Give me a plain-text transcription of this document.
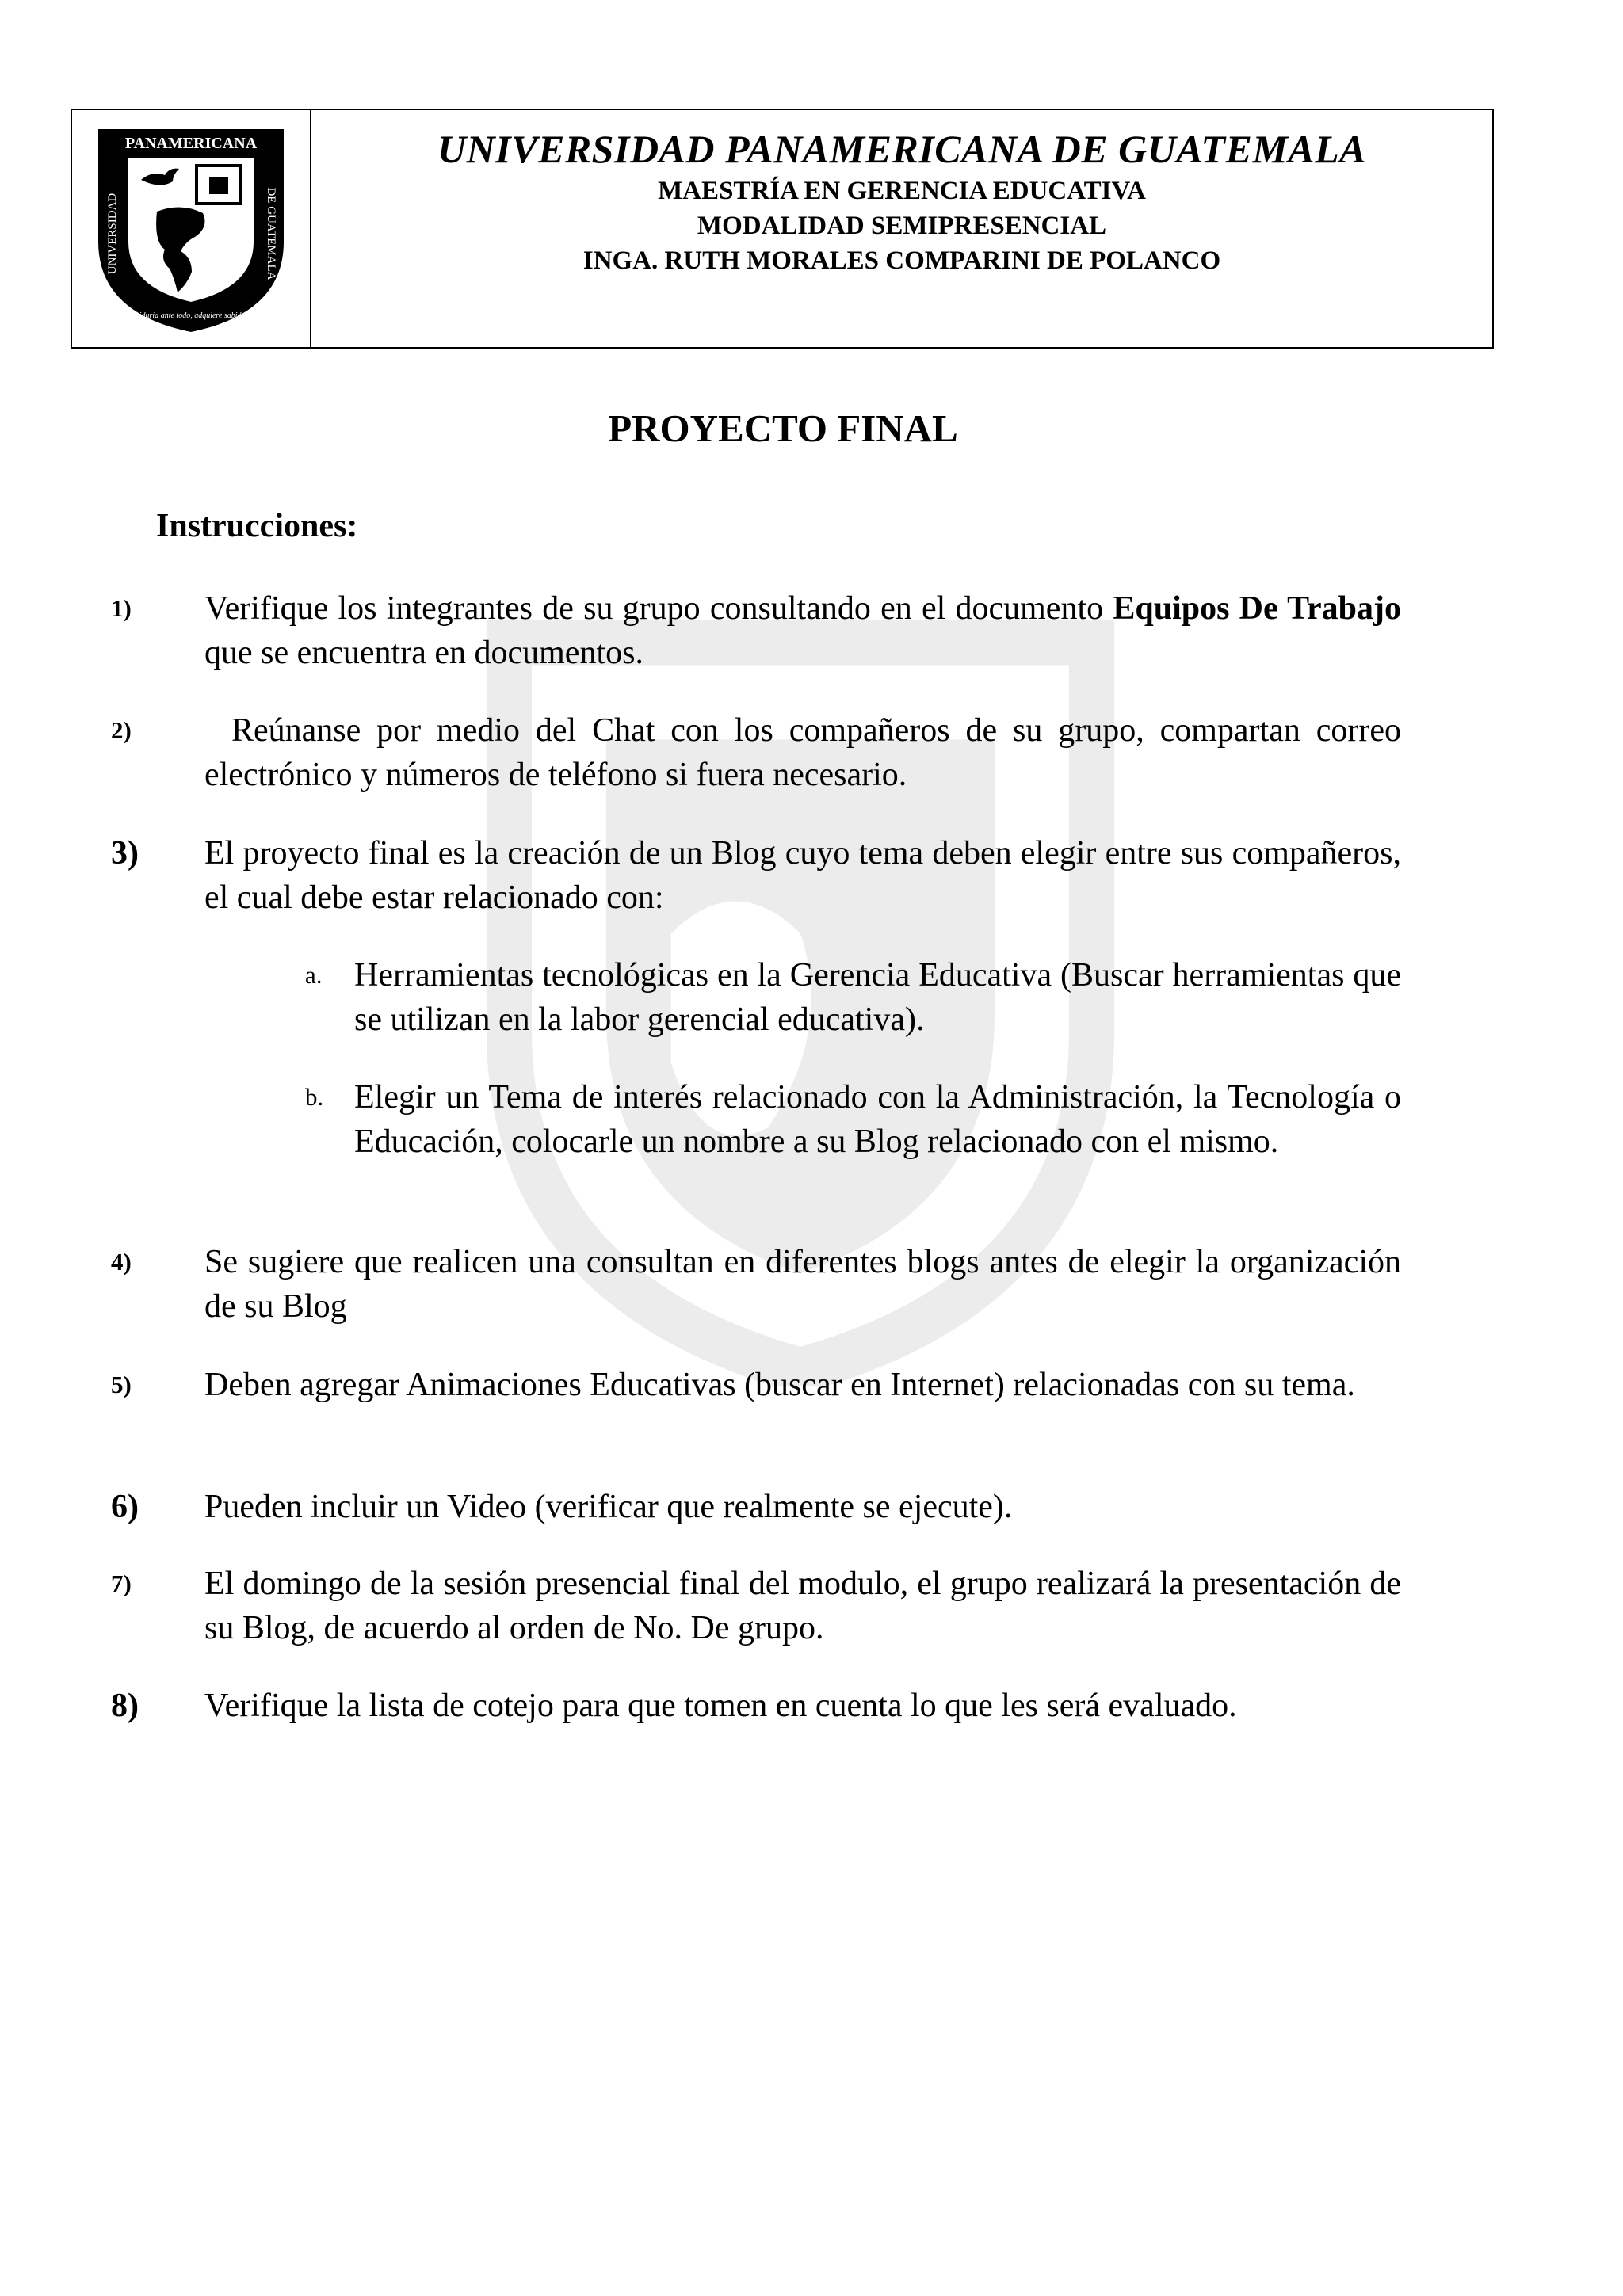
PANAMERICANA
UNIVERSIDAD	DE GUATEMALA
Sabiduría ante todo, adquiere sabiduría
UNIVERSIDAD PANAMERICANA DE GUATEMALA
MAESTRÍA EN GERENCIA EDUCATIVA
MODALIDAD SEMIPRESENCIAL
INGA. RUTH MORALES COMPARINI DE POLANCO
PROYECTO FINAL
Instrucciones:
1)	Verifique los integrantes de su grupo consultando en el documento Equipos De Trabajo que se encuentra en documentos.
2)	Reúnanse por medio del Chat con los compañeros de su grupo, compartan correo electrónico y números de teléfono si fuera necesario.
3)	El proyecto final es la creación de un Blog cuyo tema deben elegir entre sus compañeros, el cual debe estar relacionado con:
a. Herramientas tecnológicas en la Gerencia Educativa (Buscar herramientas que se utilizan en la labor gerencial educativa).
b. Elegir un Tema de interés relacionado con la Administración, la Tecnología o Educación, colocarle un nombre a su Blog relacionado con el mismo.
4)	Se sugiere que realicen una consultan en diferentes blogs antes de elegir la organización de su Blog
5)	Deben agregar Animaciones Educativas (buscar en Internet) relacionadas con su tema.
6)	Pueden incluir un Video (verificar que realmente se ejecute).
7)	El domingo de la sesión presencial final del modulo, el grupo realizará la presentación de su Blog, de acuerdo al orden de No. De grupo.
8)	Verifique la lista de cotejo para que tomen en cuenta lo que les será evaluado.
